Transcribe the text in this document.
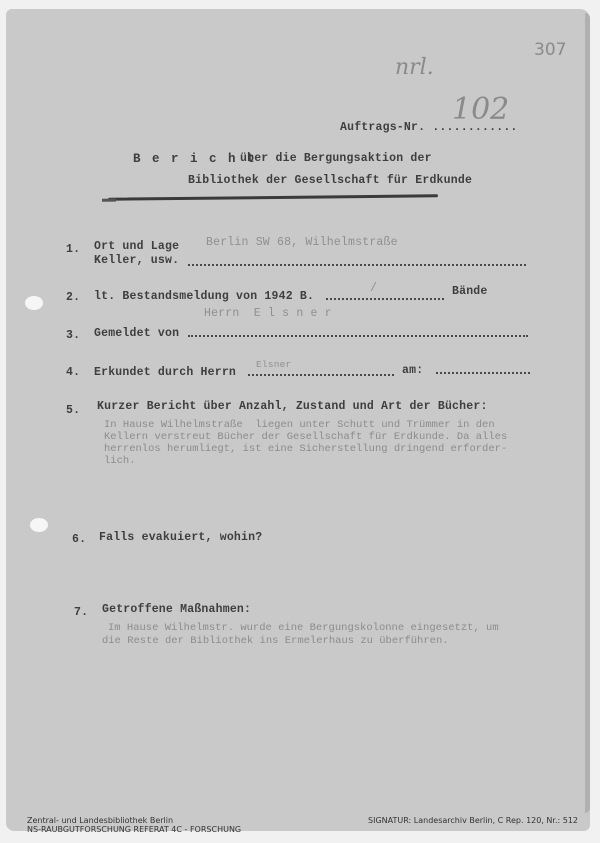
307
nrl.
102
Auftrags-Nr. ............
B e r i c h t
über die Bergungsaktion der
Bibliothek der Gesellschaft für Erdkunde
1. Ort und Lage
Keller, usw.
Berlin SW 68, Wilhelmstraße
2. lt. Bestandsmeldung von 1942 B.
/	Bände
Herrn  E l s n e r
3. Gemeldet von
4. Erkundet durch Herrn
Elsner	am:
5. Kurzer Bericht über Anzahl, Zustand und Art der Bücher:
In Hause Wilhelmstraße  liegen unter Schutt und Trümmer in den
Kellern verstreut Bücher der Gesellschaft für Erdkunde. Da alles
herrenlos herumliegt, ist eine Sicherstellung dringend erforder-
lich.
6. Falls evakuiert, wohin?
7. Getroffene Maßnahmen:
Im Hause Wilhelmstr. wurde eine Bergungskolonne eingesetzt, um
die Reste der Bibliothek ins Ermelerhaus zu überführen.
Zentral- und Landesbibliothek Berlin
NS-RAUBGUTFORSCHUNG REFERAT 4C - FORSCHUNG
SIGNATUR: Landesarchiv Berlin, C Rep. 120, Nr.: 512
